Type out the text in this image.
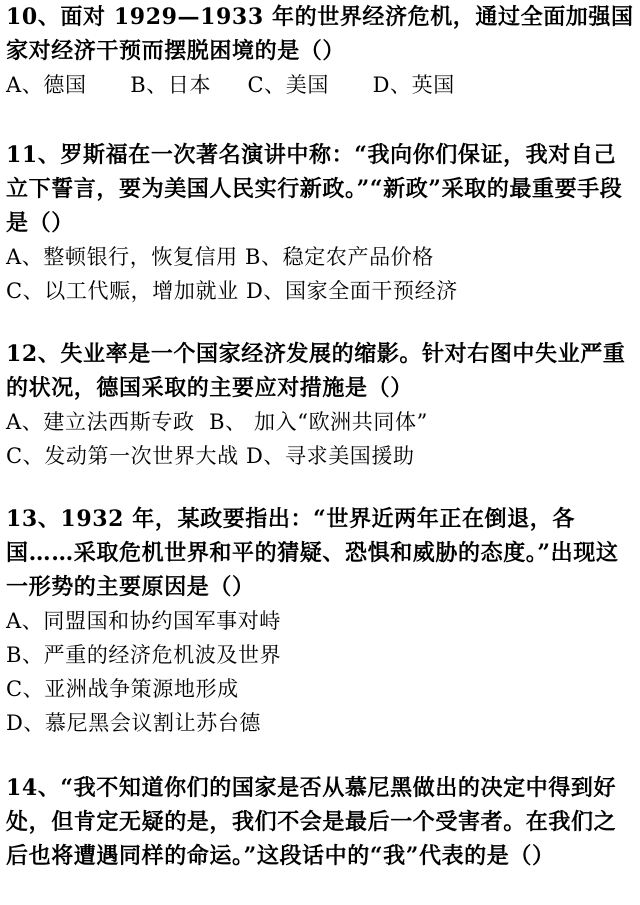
10、面对 1929—1933 年的世界经济危机，通过全面加强国家对经济干预而摆脱困境的是（）

A、德国 B、日本 C、美国 D、英国

11、罗斯福在一次著名演讲中称：“我向你们保证，我对自己立下誓言，要为美国人民实行新政。”“新政”采取的最重要手段是（）

A、整顿银行，恢复信用 B、稳定农产品价格

C、以工代赈，增加就业 D、国家全面干预经济

12、失业率是一个国家经济发展的缩影。针对右图中失业严重的状况，德国采取的主要应对措施是（）

A、建立法西斯专政 B、 加入“欧洲共同体”

C、发动第一次世界大战 D、寻求美国援助

13、1932 年，某政要指出：“世界近两年正在倒退，各国……采取危机世界和平的猜疑、恐惧和威胁的态度。”出现这一形势的主要原因是（）

A、同盟国和协约国军事对峙

B、严重的经济危机波及世界

C、亚洲战争策源地形成

D、慕尼黑会议割让苏台德

14、“我不知道你们的国家是否从慕尼黑做出的决定中得到好处，但肯定无疑的是，我们不会是最后一个受害者。在我们之后也将遭遇同样的命运。”这段话中的“我”代表的是（）
